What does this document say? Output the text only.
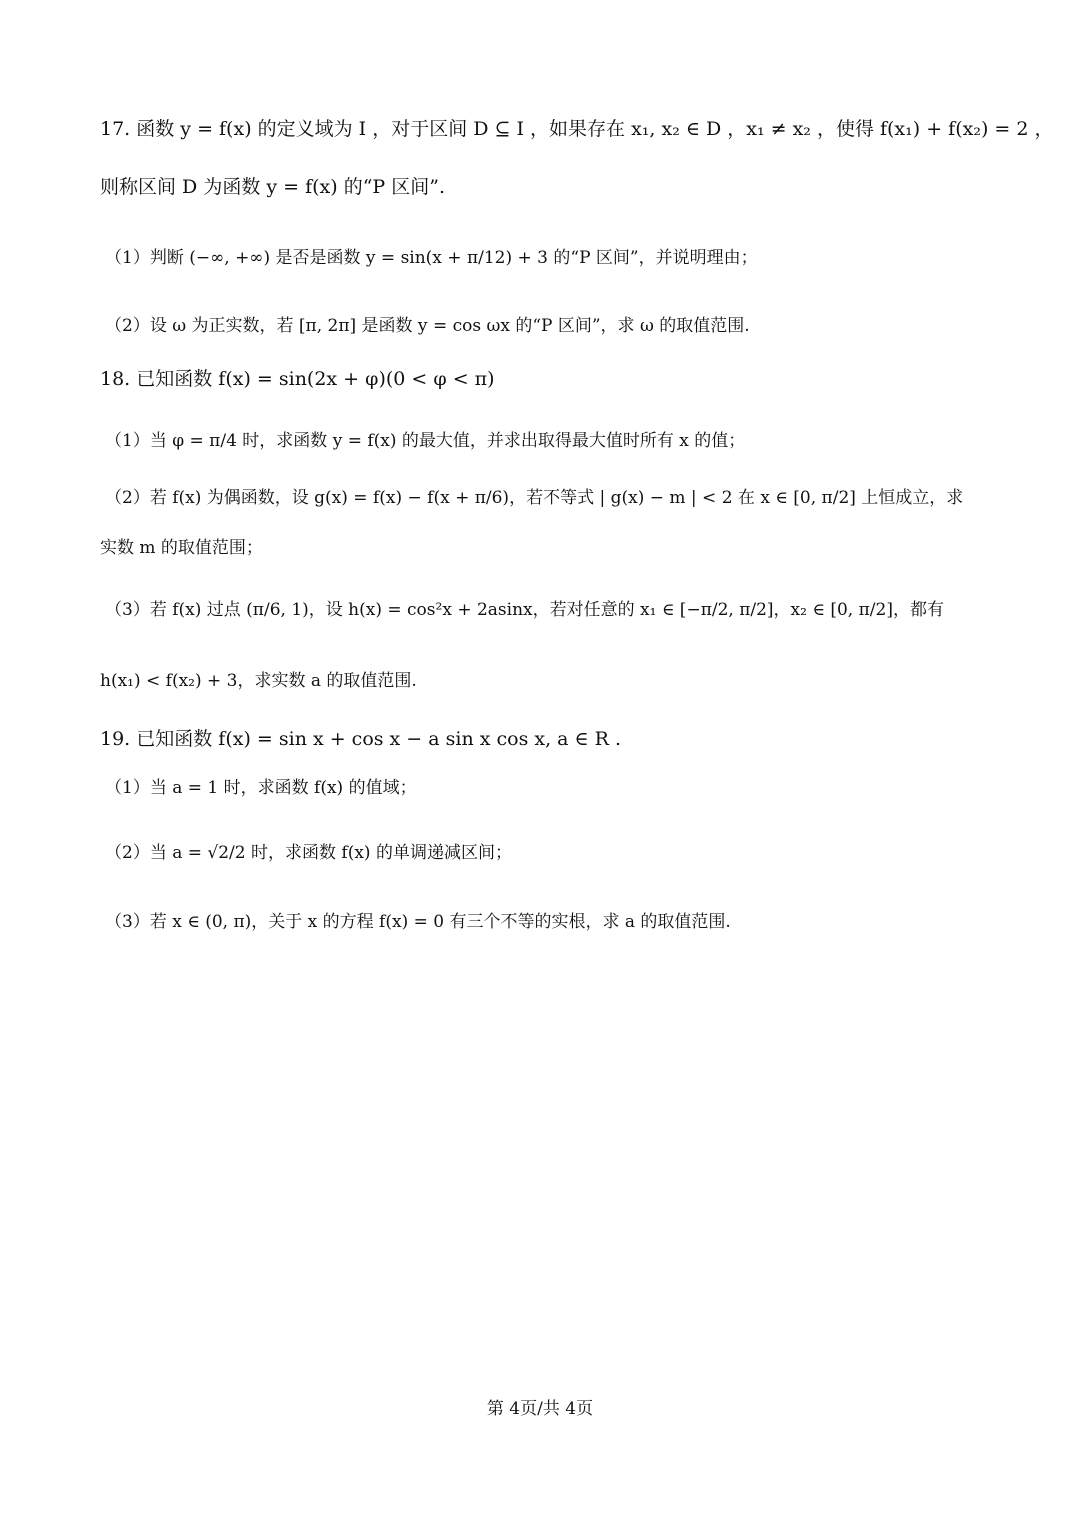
17. 函数 y = f(x) 的定义域为 I ，对于区间 D ⊆ I ，如果存在 x₁, x₂ ∈ D ，x₁ ≠ x₂ ，使得 f(x₁) + f(x₂) = 2 ，
则称区间 D 为函数 y = f(x) 的“P 区间”.
（1）判断 (−∞, +∞) 是否是函数 y = sin(x + π/12) + 3 的“P 区间”，并说明理由；
（2）设 ω 为正实数，若 [π, 2π] 是函数 y = cos ωx 的“P 区间”，求 ω 的取值范围.
18. 已知函数 f(x) = sin(2x + φ)(0 < φ < π)
（1）当 φ = π/4 时，求函数 y = f(x) 的最大值，并求出取得最大值时所有 x 的值；
（2）若 f(x) 为偶函数，设 g(x) = f(x) − f(x + π/6)，若不等式 | g(x) − m | < 2 在 x ∈ [0, π/2] 上恒成立，求
实数 m 的取值范围；
（3）若 f(x) 过点 (π/6, 1)，设 h(x) = cos²x + 2asinx，若对任意的 x₁ ∈ [−π/2, π/2]，x₂ ∈ [0, π/2]，都有
h(x₁) < f(x₂) + 3，求实数 a 的取值范围.
19. 已知函数 f(x) = sin x + cos x − a sin x cos x, a ∈ R .
（1）当 a = 1 时，求函数 f(x) 的值域；
（2）当 a = √2/2 时，求函数 f(x) 的单调递减区间；
（3）若 x ∈ (0, π)，关于 x 的方程 f(x) = 0 有三个不等的实根，求 a 的取值范围.
第 4页/共 4页
